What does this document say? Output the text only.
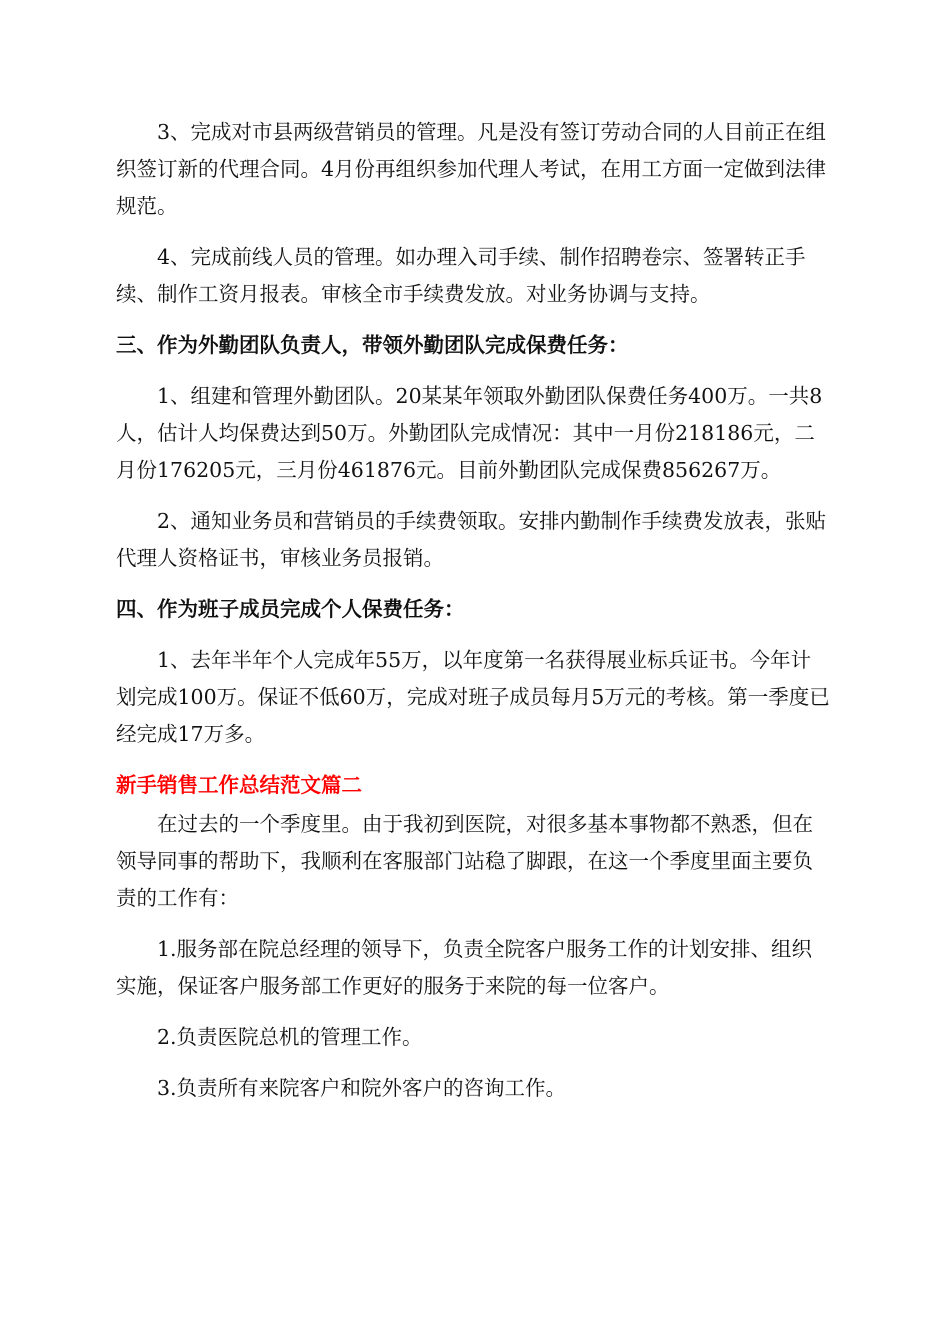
3、完成对市县两级营销员的管理。凡是没有签订劳动合同的人目前正在组织签订新的代理合同。4月份再组织参加代理人考试，在用工方面一定做到法律规范。

4、完成前线人员的管理。如办理入司手续、制作招聘卷宗、签署转正手续、制作工资月报表。审核全市手续费发放。对业务协调与支持。

三、作为外勤团队负责人，带领外勤团队完成保费任务：

1、组建和管理外勤团队。20某某年领取外勤团队保费任务400万。一共8人，估计人均保费达到50万。外勤团队完成情况：其中一月份218186元，二月份176205元，三月份461876元。目前外勤团队完成保费856267万。

2、通知业务员和营销员的手续费领取。安排内勤制作手续费发放表，张贴代理人资格证书，审核业务员报销。

四、作为班子成员完成个人保费任务：

1、去年半年个人完成年55万，以年度第一名获得展业标兵证书。今年计划完成100万。保证不低60万，完成对班子成员每月5万元的考核。第一季度已经完成17万多。

新手销售工作总结范文篇二

在过去的一个季度里。由于我初到医院，对很多基本事物都不熟悉，但在领导同事的帮助下，我顺利在客服部门站稳了脚跟，在这一个季度里面主要负责的工作有：

1.服务部在院总经理的领导下，负责全院客户服务工作的计划安排、组织实施，保证客户服务部工作更好的服务于来院的每一位客户。

2.负责医院总机的管理工作。

3.负责所有来院客户和院外客户的咨询工作。
